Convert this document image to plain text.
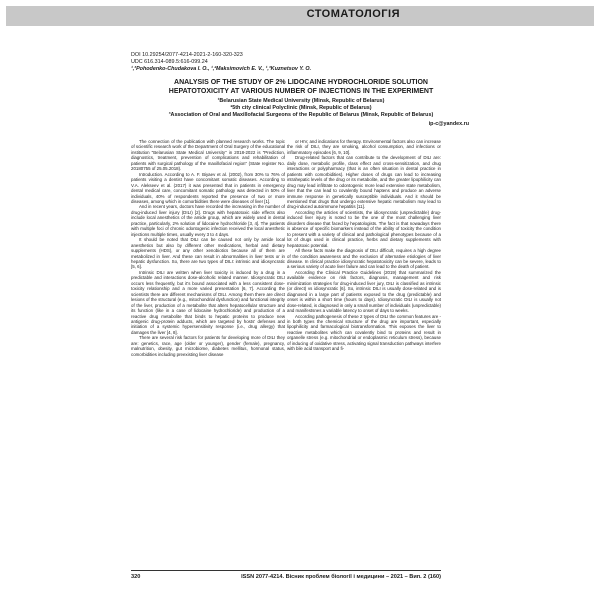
СТОМАТОЛОГІЯ
DOI 10.29254/2077-4214-2021-2-160-320-323
UDC 616.314-089.5:616-099.24
¹,³Pohodenko-Chudakova I. O., ¹,²Maksimovich E. V., ¹,³Kuznetsov Y. O.
ANALYSIS OF THE STUDY OF 2% LIDOCAINE HYDROCHLORIDE SOLUTION
HEPATOTOXICITY AT VARIOUS NUMBER OF INJECTIONS IN THE EXPERIMENT
¹Belarusian State Medical University (Minsk, Republic of Belarus)
²5th city clinical Polyclinic (Minsk, Republic of Belarus)
³Association of Oral and Maxillofacial Surgeons of the Republic of Belarus (Minsk, Republic of Belarus)
ip-c@yandex.ru

The connection of the publication with planned research works. The topic of scientific research work of the Department of Oral Surgery of the educational institution "Belarusian State Medical University" in 2018-2022 is "Prediction, diagnostics, treatment, prevention of complications and rehabilitation of patients with surgical pathology of the maxillofacial region" (State register No. 20180755 of 25.05.2018).

Introduction. According to A. F. Biyaev et al. (2002), from 30% to 76% of patients visiting a dentist have concomitant somatic diseases. According to V.A. Alekseev et al. (2017) it was presented that in patients in emergency dental medical care, concomitant somatic pathology was detected in 50% of individuals, 40% of respondents reported the presence of two or more diseases, among which in comorbidities there were diseases of liver [1].

And in recent years, doctors have recorded the increasing in the number of drug-induced liver injury (DILI) [2]. Drugs with hepatotoxic side effects also include local anesthetics of the amide group, which are widely used in dental practice, particularly, 2% solution of lidocaine hydrochloride [3, 4]. The patients with multiple foci of chronic odontogenic infection received the local anesthetic injections multiple times, usually every 3 to 4 days.

It should be noted that DILI can be caused not only by amide local anesthetics but also by different other medications, herbal and dietary supplements (HDS), or any other xenobiotics because all of them are metabolized in liver. And these can result in abnormalities in liver tests or in hepatic dysfunction. So, there are two types of DILI: intrinsic and idiosyncratic [5, 6].

Intrinsic DILI are written when liver toxicity is induced by a drug in a predictable and interactions dose-alcoholic related manner. Idiosyncratic DILI occurs less frequently, but it's bound associated with a less consistent dose-toxicity relationship and a more varied presentation [6, 7]. According the scientists there are different mechanisms of DILI. Among them there are direct lesions of the structural (e.g., mitochondrial dysfunction) and functional integrity of the liver, production of a metabolite that alters hepatocellular structure and its function (like in a case of lidocaine hydrochloride) and production of a reactive drug metabolite that binds to hepatic proteins to produce new antigenic drug-protein adducts, which are targeted by hosts' defenses and initiation of a systemic hypersensitivity response (i.e., drug allergy) that damages the liver [4, 8].

There are several risk factors for patients for developing more of DILI they are: genetics, race, age (older or younger), gender (female), pregnancy, malnutrition, obesity, gut microbiome, diabetes mellitus, hormonal status, comorbidities including preexisting liver disease

or HIV, and indications for therapy. Environmental factors also can increase the risk of DILI, they are smoking, alcohol consumption, and infections or inflammatory episodes [6, 9, 10].

Drug-related factors that can contribute to the development of DILI are: daily dose, metabolic profile, class effect and cross-sensitization, and drug interactions or polypharmacy (that is an often situation in dental practice in patients with comorbidities). Higher doses of drugs can lead to increasing intrahepatic levels of the drug or its metabolite, and the greater lipophilicity can drug may lead infiltrate to odontogenic more lead extensive state metabolism, liver that the can lead to covalently bound haptens and produce an adverse immune response in genetically susceptible individuals. And it should be mentioned that drugs that undergo extensive hepatic metabolism may lead to drug-induced autoimmune hepatitis [11].

According the articles of scientists, the idiosyncratic (unpredictable) drug-induced liver injury is noted to be the one of the most challenging liver disorders disease that faced by hepatologists. The fact is that nowadays there is absence of specific biomarkers instead of the ability of toxicity the condition to present with a variety of clinical and pathological phenotypes because of a lot of drugs used in clinical practice, herbs and dietary supplements with hepatotoxic potential.

All these facts make the diagnosis of DILI difficult, requires a high degree of the condition awareness and the exclusion of alternative etiologies of liver disease. In clinical practice idiosyncratic hepatotoxicity can be severe, leads to a serious variety of acute liver failure and can lead to the death of patient.

According the Clinical Practice Guidelines (2019) that summarized the available evidence on risk factors, diagnosis, management and risk minimization strategies for drug-induced liver jury, DILI is classified as intrinsic (or direct) vs idiosyncratic [6]. So, intrinsic DILI is usually dose-related and is diagnosed in a large part of patients exposed to the drug (predictable) and onset is within a short time (hours to days). Idiosyncratic DILI is usually not dose-related, is diagnosed in only a small number of individuals (unpredictable) and manifestsnes a variable latency to onset of days to weeks.

According pathogenesis of these 2 types of DILI the common features are - in both types the chemical structure of the drug are important, especially lipophilicity and farmacological biotransformation. This exposes the liver to reactive metabolites which can covalently bind to proteins and result in organelle stress (e.g. mitochondrial or endoplasmic reticulum stress), because of inducing of oxidative stress, activating signal transduction pathways interfere with bile acid transport and fi-

320	ISSN 2077-4214. Вісник проблем біології і медицини – 2021 – Вип. 2 (160)
